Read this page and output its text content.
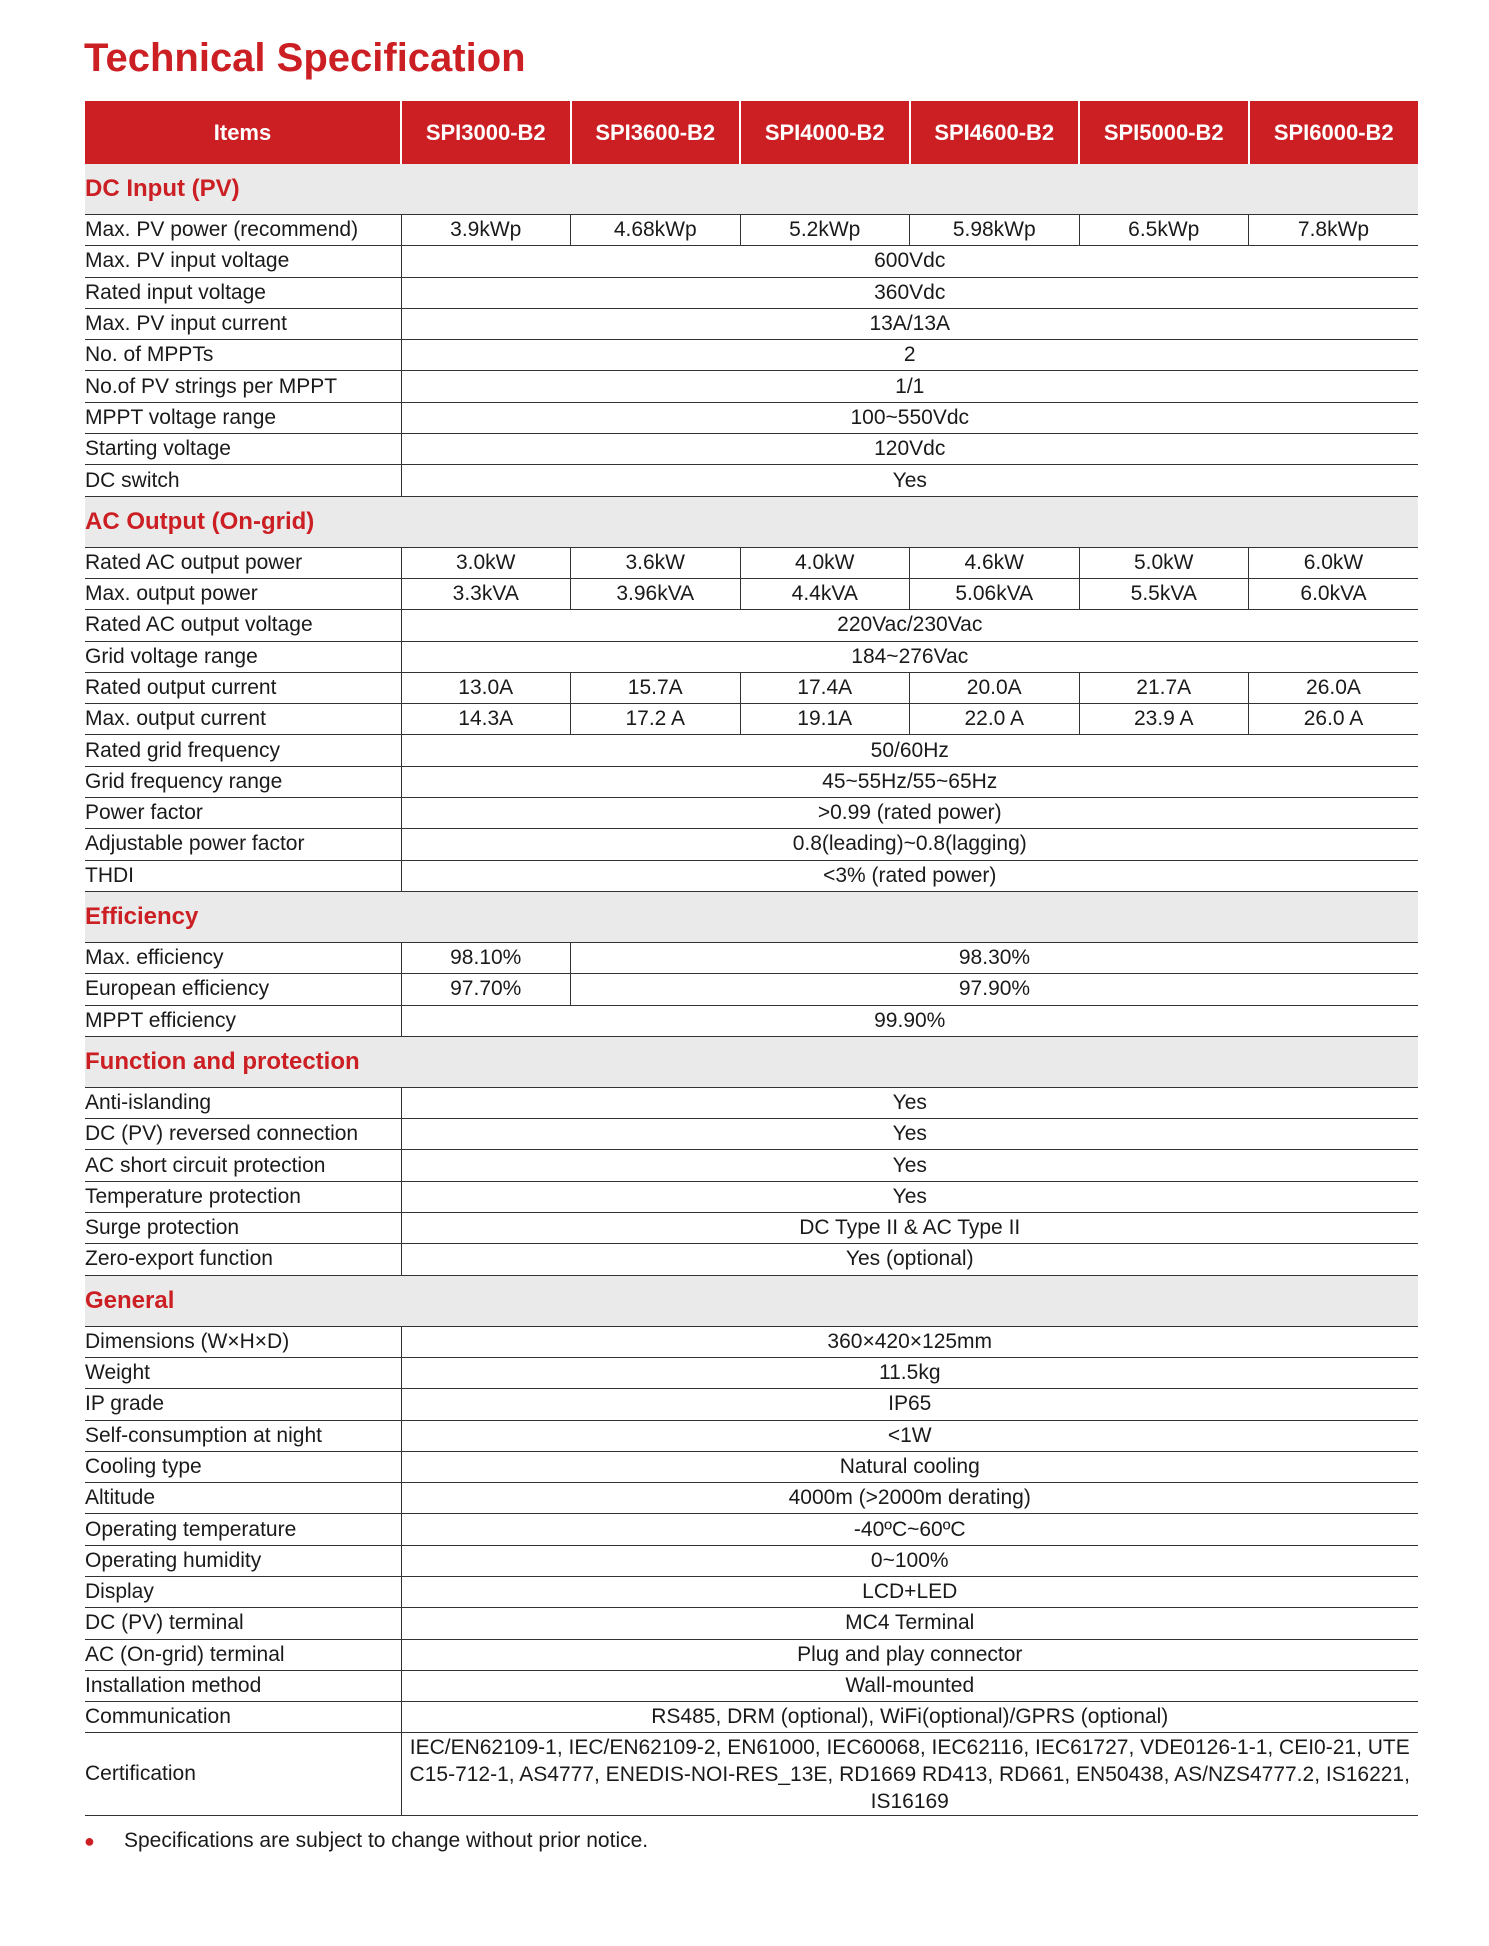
Technical Specification
Items	SPI3000-B2	SPI3600-B2	SPI4000-B2	SPI4600-B2	SPI5000-B2	SPI6000-B2
DC Input (PV)						
Max. PV power (recommend)	3.9kWp	4.68kWp	5.2kWp	5.98kWp	6.5kWp	7.8kWp
Max. PV input voltage	600Vdc					
Rated input voltage	360Vdc					
Max. PV input current	13A/13A					
No. of MPPTs	2					
No.of PV strings per MPPT	1/1					
MPPT voltage range	100~550Vdc					
Starting voltage	120Vdc					
DC switch	Yes					
AC Output (On-grid)						
Rated AC output power	3.0kW	3.6kW	4.0kW	4.6kW	5.0kW	6.0kW
Max. output power	3.3kVA	3.96kVA	4.4kVA	5.06kVA	5.5kVA	6.0kVA
Rated AC output voltage	220Vac/230Vac					
Grid voltage range	184~276Vac					
Rated output current	13.0A	15.7A	17.4A	20.0A	21.7A	26.0A
Max. output current	14.3A	17.2 A	19.1A	22.0 A	23.9 A	26.0 A
Rated grid frequency	50/60Hz					
Grid frequency range	45~55Hz/55~65Hz					
Power factor	>0.99 (rated power)					
Adjustable power factor	0.8(leading)~0.8(lagging)					
THDI	<3% (rated power)					
Efficiency						
Max. efficiency	98.10%	98.30%				
European efficiency	97.70%	97.90%				
MPPT efficiency	99.90%					
Function and protection						
Anti-islanding	Yes					
DC (PV) reversed connection	Yes					
AC short circuit protection	Yes					
Temperature protection	Yes					
Surge protection	DC Type II & AC Type II					
Zero-export function	Yes (optional)					
General						
Dimensions (W×H×D)	360×420×125mm					
Weight	11.5kg					
IP grade	IP65					
Self-consumption at night	<1W					
Cooling type	Natural cooling					
Altitude	4000m (>2000m derating)					
Operating temperature	-40ºC~60ºC					
Operating humidity	0~100%					
Display	LCD+LED					
DC (PV) terminal	MC4 Terminal					
AC (On-grid) terminal	Plug and play connector					
Installation method	Wall-mounted					
Communication	RS485, DRM (optional), WiFi(optional)/GPRS (optional)					
Certification	IEC/EN62109-1, IEC/EN62109-2, EN61000, IEC60068, IEC62116, IEC61727, VDE0126-1-1, CEI0-21, UTE C15-712-1, AS4777, ENEDIS-NOI-RES_13E, RD1669 RD413, RD661, EN50438, AS/NZS4777.2, IS16221, IS16169					
● Specifications are subject to change without prior notice.
